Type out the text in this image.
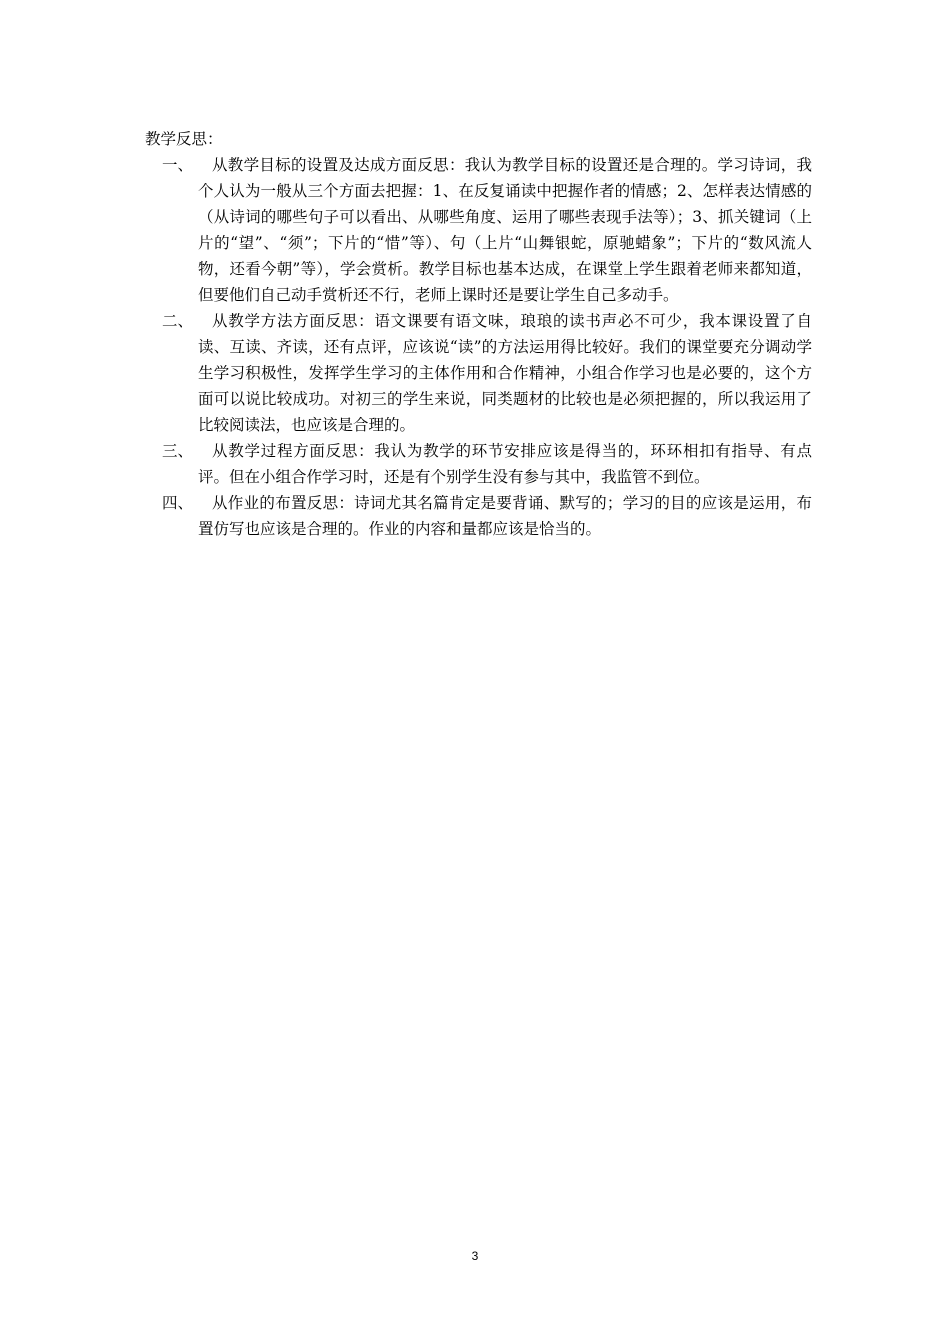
教学反思：
一、	从教学目标的设置及达成方面反思：我认为教学目标的设置还是合理的。学习诗词，我个人认为一般从三个方面去把握：1、在反复诵读中把握作者的情感；2、怎样表达情感的（从诗词的哪些句子可以看出、从哪些角度、运用了哪些表现手法等）；3、抓关键词（上片的“望”、“须”；下片的“惜”等）、句（上片“山舞银蛇，原驰蜡象”；下片的“数风流人物，还看今朝”等），学会赏析。教学目标也基本达成，在课堂上学生跟着老师来都知道，但要他们自己动手赏析还不行，老师上课时还是要让学生自己多动手。
二、	从教学方法方面反思：语文课要有语文味，琅琅的读书声必不可少，我本课设置了自读、互读、齐读，还有点评，应该说“读”的方法运用得比较好。我们的课堂要充分调动学生学习积极性，发挥学生学习的主体作用和合作精神，小组合作学习也是必要的，这个方面可以说比较成功。对初三的学生来说，同类题材的比较也是必须把握的，所以我运用了比较阅读法，也应该是合理的。
三、	从教学过程方面反思：我认为教学的环节安排应该是得当的，环环相扣有指导、有点评。但在小组合作学习时，还是有个别学生没有参与其中，我监管不到位。
四、	从作业的布置反思：诗词尤其名篇肯定是要背诵、默写的；学习的目的应该是运用，布置仿写也应该是合理的。作业的内容和量都应该是恰当的。
3
